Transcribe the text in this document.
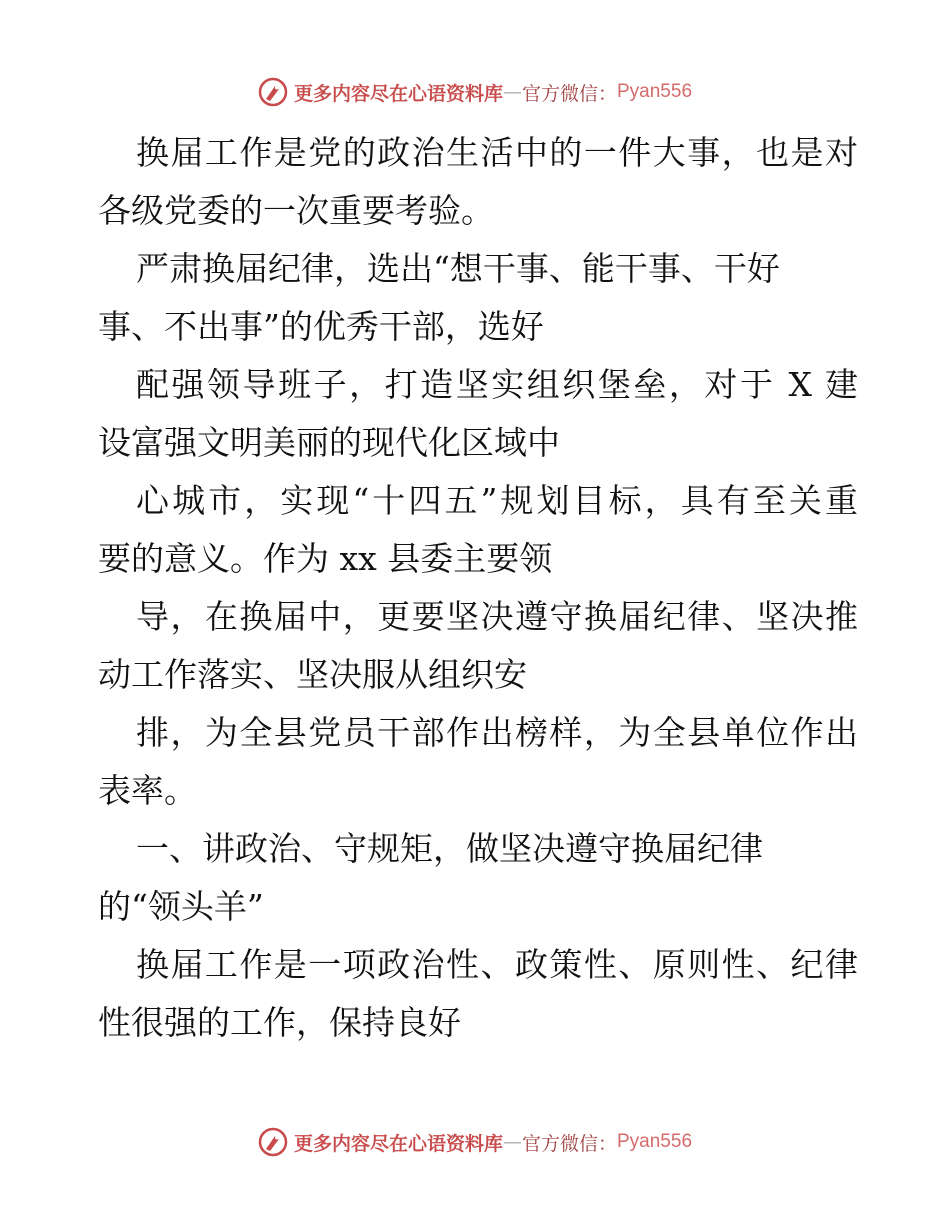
更多内容尽在心语资料库 — 官方微信： Pyan556
换届工作是党的政治生活中的一件大事，也是对
各级党委的一次重要考验。
严肃换届纪律，选出“想干事、能干事、干好
事、不出事”的优秀干部，选好
配强领导班子，打造坚实组织堡垒，对于 X 建
设富强文明美丽的现代化区域中
心城市，实现“十四五”规划目标，具有至关重
要的意义。作为 xx 县委主要领
导，在换届中，更要坚决遵守换届纪律、坚决推
动工作落实、坚决服从组织安
排，为全县党员干部作出榜样，为全县单位作出
表率。
一、讲政治、守规矩，做坚决遵守换届纪律
的“领头羊”
换届工作是一项政治性、政策性、原则性、纪律
性很强的工作，保持良好
更多内容尽在心语资料库 — 官方微信： Pyan556
